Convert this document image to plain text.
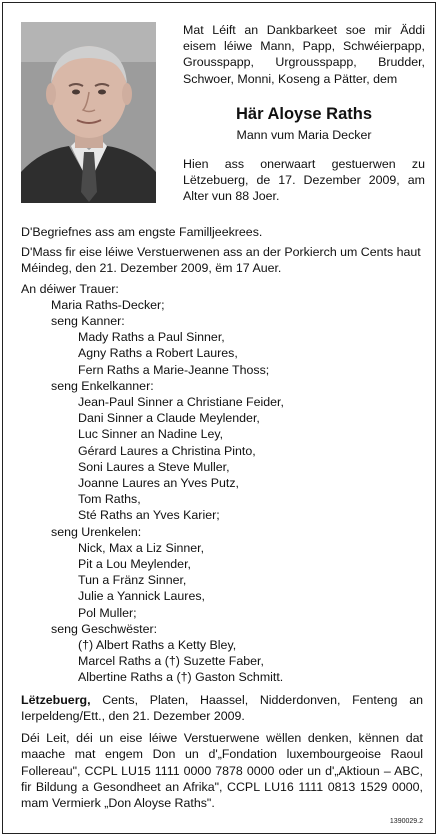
Mat Léift an Dankbarkeet soe mir Äddi eisem léiwe Mann, Papp, Schwéierpapp, Grousspapp, Urgrousspapp, Brudder, Schwoer, Monni, Koseng a Pätter, dem

Här Aloyse Raths
Mann vum Maria Decker

Hien ass onerwaart gestuerwen zu Lëtzebuerg, de 17. Dezember 2009, am Alter vun 88 Joer.

D'Begriefnes ass am engste Familljeekrees.

D'Mass fir eise léiwe Verstuerwenen ass an der Porkierch um Cents haut Méindeg, den 21. Dezember 2009, ëm 17 Auer.

An déiwer Trauer:

Maria Raths-Decker;
seng Kanner:
Mady Raths a Paul Sinner,
Agny Raths a Robert Laures,
Fern Raths a Marie-Jeanne Thoss;
seng Enkelkanner:
Jean-Paul Sinner a Christiane Feider,
Dani Sinner a Claude Meylender,
Luc Sinner an Nadine Ley,
Gérard Laures a Christina Pinto,
Soni Laures a Steve Muller,
Joanne Laures an Yves Putz,
Tom Raths,
Sté Raths an Yves Karier;
seng Urenkelen:
Nick, Max a Liz Sinner,
Pit a Lou Meylender,
Tun a Fränz Sinner,
Julie a Yannick Laures,
Pol Muller;
seng Geschwëster:
(†) Albert Raths a Ketty Bley,
Marcel Raths a (†) Suzette Faber,
Albertine Raths a (†) Gaston Schmitt.

Lëtzebuerg, Cents, Platen, Haassel, Nidderdonven, Fenteng an Ierpeldeng/Ett., den 21. Dezember 2009.

Déi Leit, déi un eise léiwe Verstuerwene wëllen denken, kënnen dat maache mat engem Don un d'„Fondation luxembourgeoise Raoul Follereau", CCPL LU15 1111 0000 7878 0000 oder un d'„Aktioun – ABC, fir Bildung a Gesondheet an Afrika", CCPL LU16 1111 0813 1529 0000, mam Vermierk „Don Aloyse Raths".

1390029.2
